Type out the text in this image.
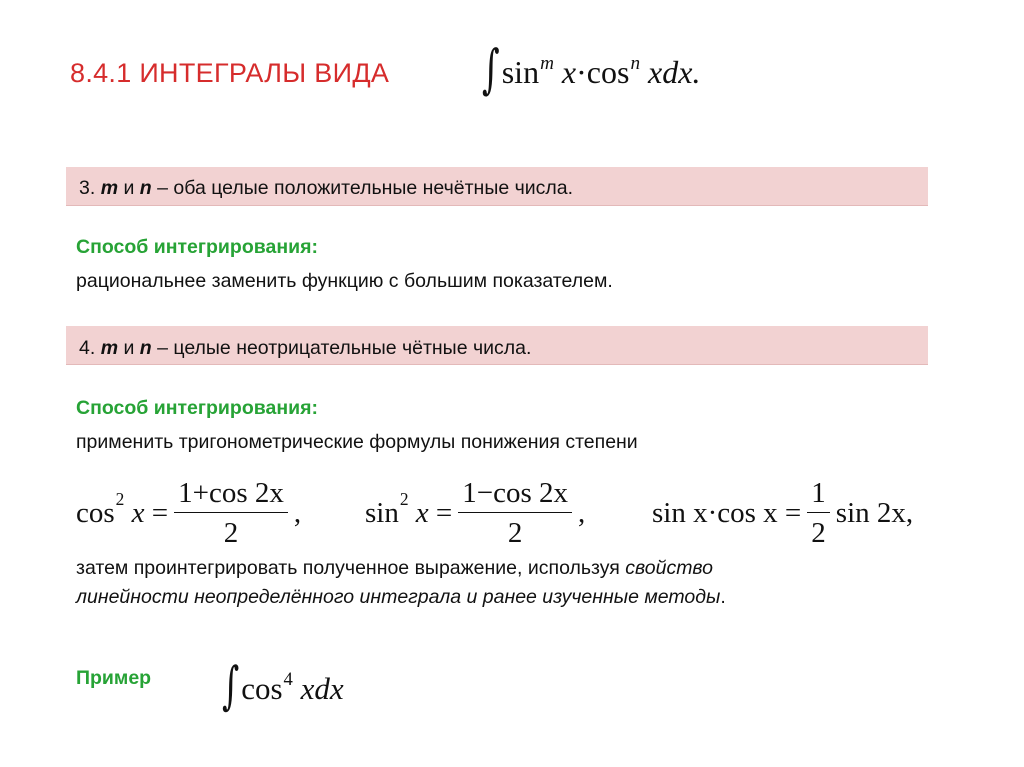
8.4.1 ИНТЕГРАЛЫ ВИДА	$\int\sin^m$ $x\cdot\cos^n$ xdx.
3. m и n – оба целые положительные нечётные числа.
Способ интегрирования:
рациональнее заменить функцию с большим показателем.
4. m и n – целые неотрицательные чётные числа.
Способ интегрирования:
применить тригонометрические формулы понижения степени
$\cos^2$
x
= $\frac{1+\cos 2x}{2}$ , $\sin^2$
x
= $\frac{1-\cos 2x}{2}$ , sin x·cos x
= $\frac{1}{2}$ sin 2x ,
затем проинтегрировать полученное выражение, используя свойство
линейности неопределённого интеграла и ранее изученные методы.
Пример $\int\cos^4$ xdx
